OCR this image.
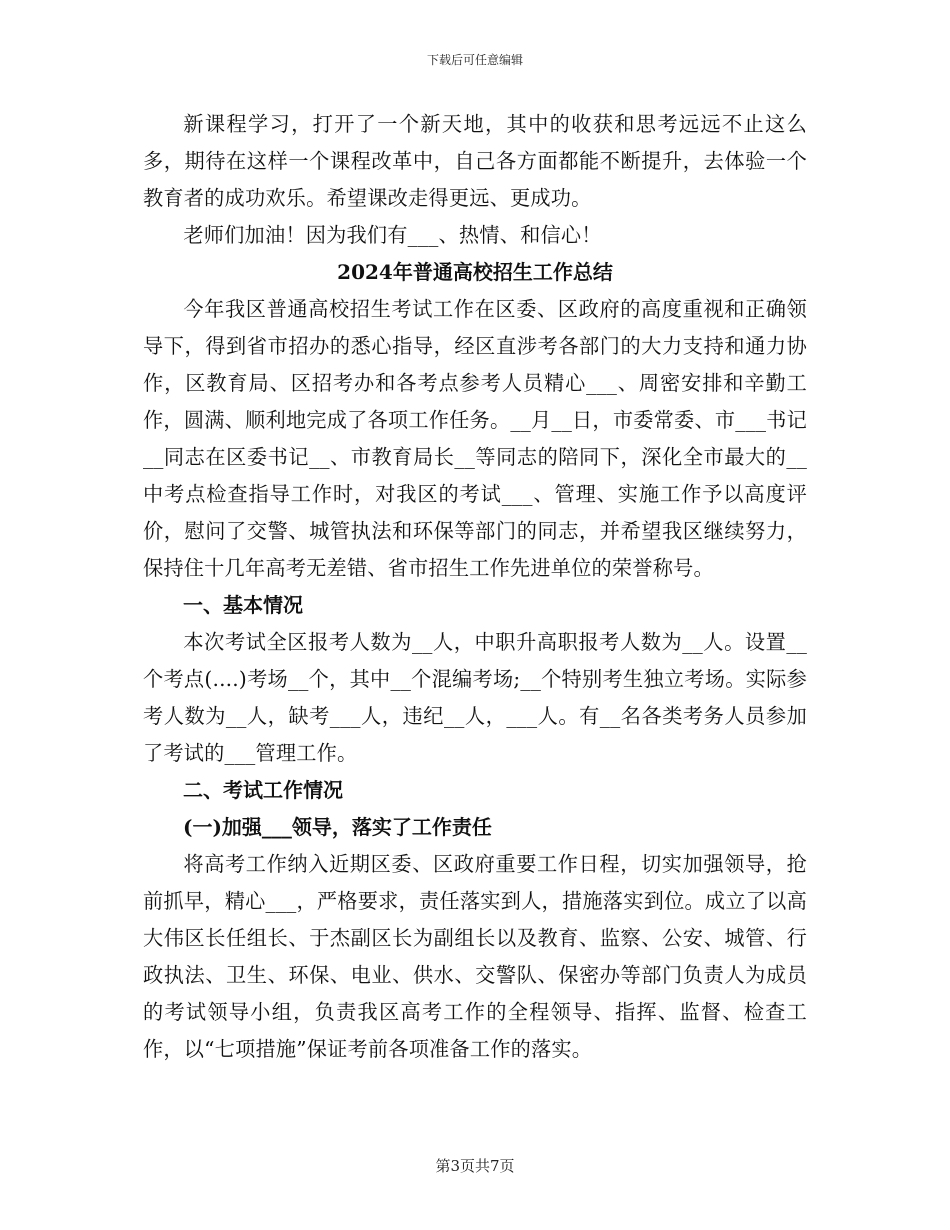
下载后可任意编辑

新课程学习，打开了一个新天地，其中的收获和思考远远不止这么多，期待在这样一个课程改革中，自己各方面都能不断提升，去体验一个教育者的成功欢乐。希望课改走得更远、更成功。

老师们加油！因为我们有___、热情、和信心！

2024年普通高校招生工作总结

今年我区普通高校招生考试工作在区委、区政府的高度重视和正确领导下，得到省市招办的悉心指导，经区直涉考各部门的大力支持和通力协作，区教育局、区招考办和各考点参考人员精心___、周密安排和辛勤工作，圆满、顺利地完成了各项工作任务。__月__日，市委常委、市___书记__同志在区委书记__、市教育局长__等同志的陪同下，深化全市最大的__中考点检查指导工作时，对我区的考试___、管理、实施工作予以高度评价，慰问了交警、城管执法和环保等部门的同志，并希望我区继续努力，保持住十几年高考无差错、省市招生工作先进单位的荣誉称号。

一、基本情况

本次考试全区报考人数为__人，中职升高职报考人数为__人。设置__个考点(....)考场__个，其中__个混编考场;__个特别考生独立考场。实际参考人数为__人，缺考___人，违纪__人，___人。有__名各类考务人员参加了考试的___管理工作。

二、考试工作情况

(一)加强___领导，落实了工作责任

将高考工作纳入近期区委、区政府重要工作日程，切实加强领导，抢前抓早，精心___，严格要求，责任落实到人，措施落实到位。成立了以高大伟区长任组长、于杰副区长为副组长以及教育、监察、公安、城管、行政执法、卫生、环保、电业、供水、交警队、保密办等部门负责人为成员的考试领导小组，负责我区高考工作的全程领导、指挥、监督、检查工作，以“七项措施”保证考前各项准备工作的落实。

第3页共7页
